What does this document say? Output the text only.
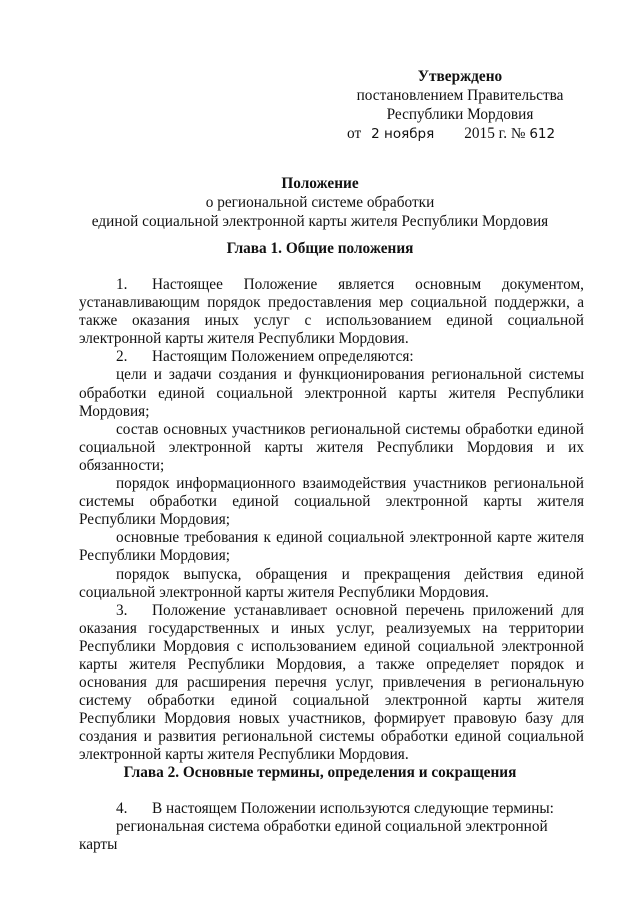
Утверждено
постановлением Правительства
Республики Мордовия
от 2 ноября 2015 г. № 612
Положение
о региональной системе обработки
единой социальной электронной карты жителя Республики Мордовия
Глава 1. Общие положения

1. Настоящее Положение является основным документом, устанавливающим порядок предоставления мер социальной поддержки, а также оказания иных услуг с использованием единой социальной электронной карты жителя Республики Мордовия.

2. Настоящим Положением определяются:

цели и задачи создания и функционирования региональной системы обработки единой социальной электронной карты жителя Республики Мордовия;

состав основных участников региональной системы обработки единой социальной электронной карты жителя Республики Мордовия и их обязанности;

порядок информационного взаимодействия участников региональной системы обработки единой социальной электронной карты жителя Республики Мордовия;

основные требования к единой социальной электронной карте жителя Республики Мордовия;

порядок выпуска, обращения и прекращения действия единой социальной электронной карты жителя Республики Мордовия.

3. Положение устанавливает основной перечень приложений для оказания государственных и иных услуг, реализуемых на территории Республики Мордовия с использованием единой социальной электронной карты жителя Республики Мордовия, а также определяет порядок и основания для расширения перечня услуг, привлечения в региональную систему обработки единой социальной электронной карты жителя Республики Мордовия новых участников, формирует правовую базу для создания и развития региональной системы обработки единой социальной электронной карты жителя Республики Мордовия.

Глава 2. Основные термины, определения и сокращения

4. В настоящем Положении используются следующие термины:

региональная система обработки единой социальной электронной карты
